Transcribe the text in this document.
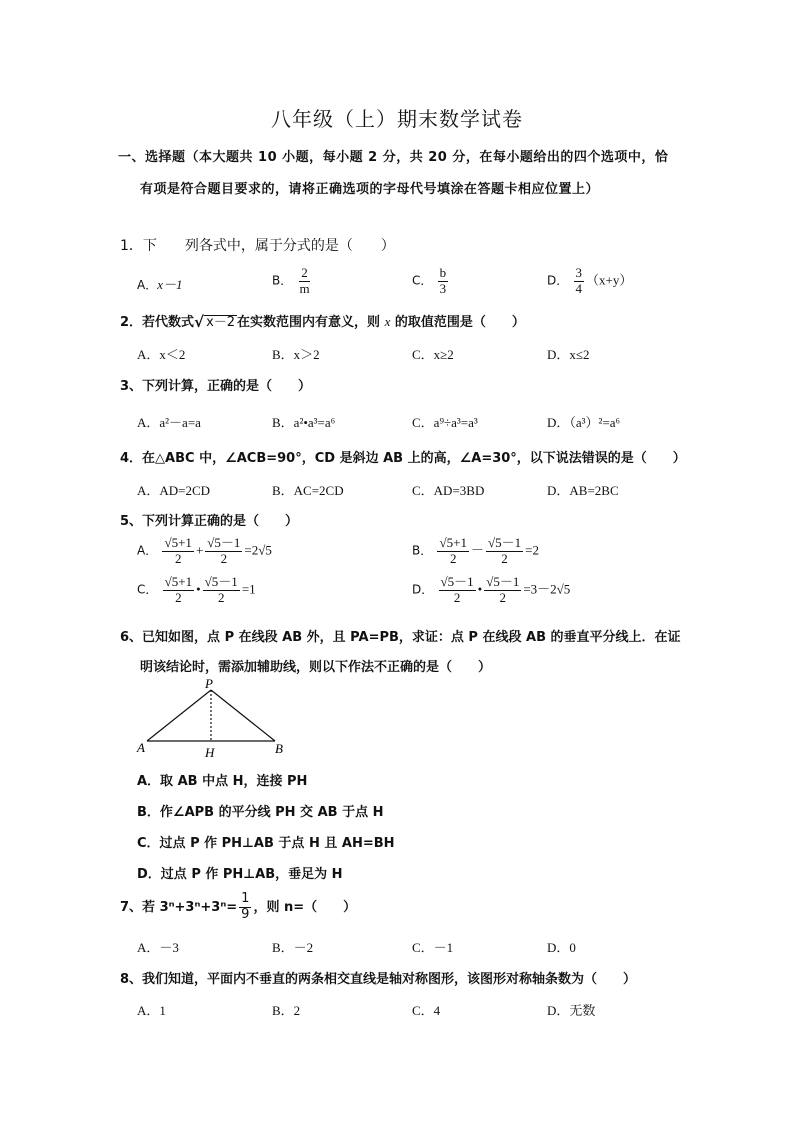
八年级（上）期末数学试卷
一、选择题（本大题共 10 小题，每小题 2 分，共 20 分，在每小题给出的四个选项中，恰
有项是符合题目要求的，请将正确选项的字母代号填涂在答题卡相应位置上）
1．下　　列各式中，属于分式的是（　　）
A．x－1	B． $\frac{2}{m}$	C． $\frac{b}{3}$	D． $\frac{3}{4} (x+y)$
2．若代数式 √ x－2 在实数范围内有意义，则 x 的取值范围是（　　）
A．x＜2	B．x＞2	C．x≥2	D．x≤2
3、下列计算，正确的是（　　）
A．a²－a=a	B．a²•a³=a⁶	C．a⁹÷a³=a³	D．（a³）²=a⁶
4．在△ABC 中，∠ACB=90°，CD 是斜边 AB 上的高，∠A=30°，以下说法错误的是（　　）
A．AD=2CD	B．AC=2CD	C．AD=3BD	D．AB=2BC
5、下列计算正确的是（　　）
A． $\frac{√5+1}{2} + \frac{√5-1}{2} =2√5$	B． $\frac{√5+1}{2} - \frac{√5-1}{2} =2$
C． $\frac{√5+1}{2}$ • $\frac{√5-1}{2} =1$	D． $\frac{√5-1}{2}$ • $\frac{√5-1}{2} =3-2√5$
6、已知如图，点 P 在线段 AB 外，且 PA=PB，求证：点 P 在线段 AB 的垂直平分线上．在证
明该结论时，需添加辅助线，则以下作法不正确的是（　　）
P
A	B
H
A．取 AB 中点 H，连接 PH
B．作∠APB 的平分线 PH 交 AB 于点 H
C．过点 P 作 PH⊥AB 于点 H 且 AH=BH
D．过点 P 作 PH⊥AB，垂足为 H
7、若 $3^n+3^n+3^n= \frac{1}{9}$ ，则 n=（　　）
A．－3	B．－2	C．－1	D．0
8、我们知道，平面内不垂直的两条相交直线是轴对称图形，该图形对称轴条数为（　　）
A．1	B．2	C．4	D．无数
